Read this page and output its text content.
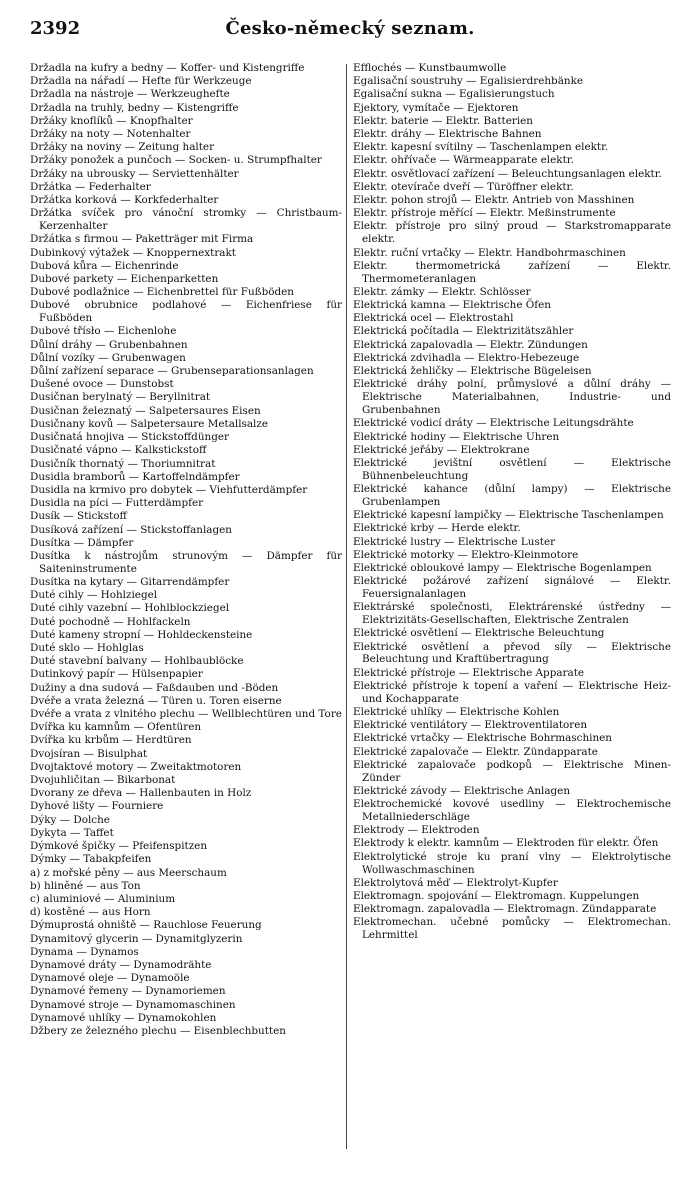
2392	Česko-německý seznam.

Držadla na kufry a bedny — Koffer- und Kistengriffe

Držadla na nářadí — Hefte für Werkzeuge

Držadla na nástroje — Werkzeughefte

Držadla na truhly, bedny — Kistengriffe

Držáky knoflíků — Knopfhalter

Držáky na noty — Notenhalter

Držáky na noviny — Zeitung halter

Držáky ponožek a punčoch — Socken- u. Strumpfhalter

Držáky na ubrousky — Serviettenhälter

Držátka — Federhalter

Držátka korková — Korkfederhalter

Držátka svíček pro vánoční stromky — Christbaum-Kerzenhalter

Držátka s firmou — Paketträger mit Firma

Dubinkový výtažek — Knoppernextrakt

Dubová kůra — Eichenrinde

Dubové parkety — Eichenparketten

Dubové podlažnice — Eichenbrettel für Fußböden

Dubové obrubnice podlahové — Eichenfriese für Fußböden

Dubové třísło — Eichenlohe

Důlní dráhy — Grubenbahnen

Důlní vozíky — Grubenwagen

Důlní zařízení separace — Grubenseparationsanlagen

Dušené ovoce — Dunstobst

Dusičnan berylnatý — Beryllnitrat

Dusičnan železnatý — Salpetersaures Eisen

Dusičnany kovů — Salpetersaure Metallsalze

Dusičnatá hnojiva — Stickstoffdünger

Dusičnaté vápno — Kalkstickstoff

Dusičník thornatý — Thoriumnitrat

Dusidla bramborů — Kartoffelndämpfer

Dusidla na krmivo pro dobytek — Viehfutterdämpfer

Dusidla na píci — Futterdämpfer

Dusík — Stickstoff

Dusíková zařízení — Stickstoffanlagen

Dusítka — Dämpfer

Dusítka k nástrojům strunovým — Dämpfer für Saiteninstrumente

Dusítka na kytary — Gitarrendämpfer

Duté cihly — Hohlziegel

Duté cihly vazební — Hohlblockziegel

Duté pochodně — Hohlfackeln

Duté kameny stropní — Hohldeckensteine

Duté sklo — Hohlglas

Duté stavební balvany — Hohlbaublöcke

Dutinkový papír — Hülsenpapier

Dužiny a dna sudová — Faßdauben und -Böden

Dvéře a vrata železná — Türen u. Toren eiserne

Dvéře a vrata z vlnitého plechu — Wellblechtüren und Tore

Dvířka ku kamnům — Ofentüren

Dvířka ku krbům — Herdtüren

Dvojsíran — Bisulphat

Dvojtaktové motory — Zweitaktmotoren

Dvojuhličitan — Bikarbonat

Dvorany ze dřeva — Hallenbauten in Holz

Dyhové lišty — Fourniere

Dýky — Dolche

Dykyta — Taffet

Dýmkové špičky — Pfeifenspitzen

Dýmky — Tabakpfeifen

a) z mořské pěny — aus Meerschaum

b) hliněné — aus Ton

c) aluminiové — Aluminium

d) kostěné — aus Horn

Dýmuprostá ohniště — Rauchlose Feuerung

Dynamitový glycerin — Dynamitglyzerin

Dynama — Dynamos

Dynamové dráty — Dynamodrähte

Dynamové oleje — Dynamoöle

Dynamové řemeny — Dynamoriemen

Dynamové stroje — Dynamomaschinen

Dynamové uhlíky — Dynamokohlen

Džbery ze železného plechu — Eisenblechbutten

Efflochés — Kunstbaumwolle

Egalisační soustruhy — Egalisierdrehbänke

Egalisační sukna — Egalisierungstuch

Ejektory, vymítače — Ejektoren

Elektr. baterie — Elektr. Batterien

Elektr. dráhy — Elektrische Bahnen

Elektr. kapesní svítilny — Taschenlampen elektr.

Elektr. ohřívače — Wärmeapparate elektr.

Elektr. osvětlovací zařízení — Beleuchtungsanlagen elektr.

Elektr. otevírače dveří — Türöffner elektr.

Elektr. pohon strojů — Elektr. Antrieb von Masshinen

Elektr. přístroje měřící — Elektr. Meßinstrumente

Elektr. přístroje pro silný proud — Starkstromapparate elektr.

Elektr. ruční vrtačky — Elektr. Handbohrmaschinen

Elektr. thermometrická zařízení — Elektr. Thermometeranlagen

Elektr. zámky — Elektr. Schlösser

Elektrická kamna — Elektrische Öfen

Elektrická ocel — Elektrostahl

Elektrická počítadla — Elektrizitätszähler

Elektrická zapalovadla — Elektr. Zündungen

Elektrická zdvihadla — Elektro-Hebezeuge

Elektrická žehličky — Elektrische Bügeleisen

Elektrické dráhy polní, průmyslové a důlní dráhy — Elektrische Materialbahnen, Industrie- und Grubenbahnen

Elektrické vodicí dráty — Elektrische Leitungsdrähte

Elektrické hodiny — Elektrische Uhren

Elektrické jeřáby — Elektrokrane

Elektrické jevištní osvětlení — Elektrische Bühnenbeleuchtung

Elektrické kahance (důlní lampy) — Elektrische Grubenlampen

Elektrické kapesní lampičky — Elektrische Taschenlampen

Elektrické krby — Herde elektr.

Elektrické lustry — Elektrische Luster

Elektrické motorky — Elektro-Kleinmotore

Elektrické obloukové lampy — Elektrische Bogenlampen

Elektrické požárové zařízení signálové — Elektr. Feuersignalanlagen

Elektrárské společnosti, Elektrárenské ústředny — Elektrizitäts-Gesellschaften, Elektrische Zentralen

Elektrické osvětlení — Elektrische Beleuchtung

Elektrické osvětlení a převod síly — Elektrische Beleuchtung und Kraftübertragung

Elektrické přístroje — Elektrische Apparate

Elektrické přístroje k topení a vaření — Elektrische Heiz- und Kochapparate

Elektrické uhlíky — Elektrische Kohlen

Elektrické ventilátory — Elektroventilatoren

Elektrické vrtačky — Elektrische Bohrmaschinen

Elektrické zapalovače — Elektr. Zündapparate

Elektrické zapalovače podkopů — Elektrische Minen-Zünder

Elektrické závody — Elektrische Anlagen

Elektrochemické kovové usedliny — Elektrochemische Metallniederschläge

Elektrody — Elektroden

Elektrody k elektr. kamnům — Elektroden für elektr. Öfen

Elektrolytické stroje ku praní vlny — Elektrolytische Wollwaschmaschinen

Elektrolytová měď — Elektrolyt-Kupfer

Elektromagn. spojování — Elektromagn. Kuppelungen

Elektromagn. zapalovadla — Elektromagn. Zündapparate

Elektromechan. učebné pomůcky — Elektromechan. Lehrmittel
